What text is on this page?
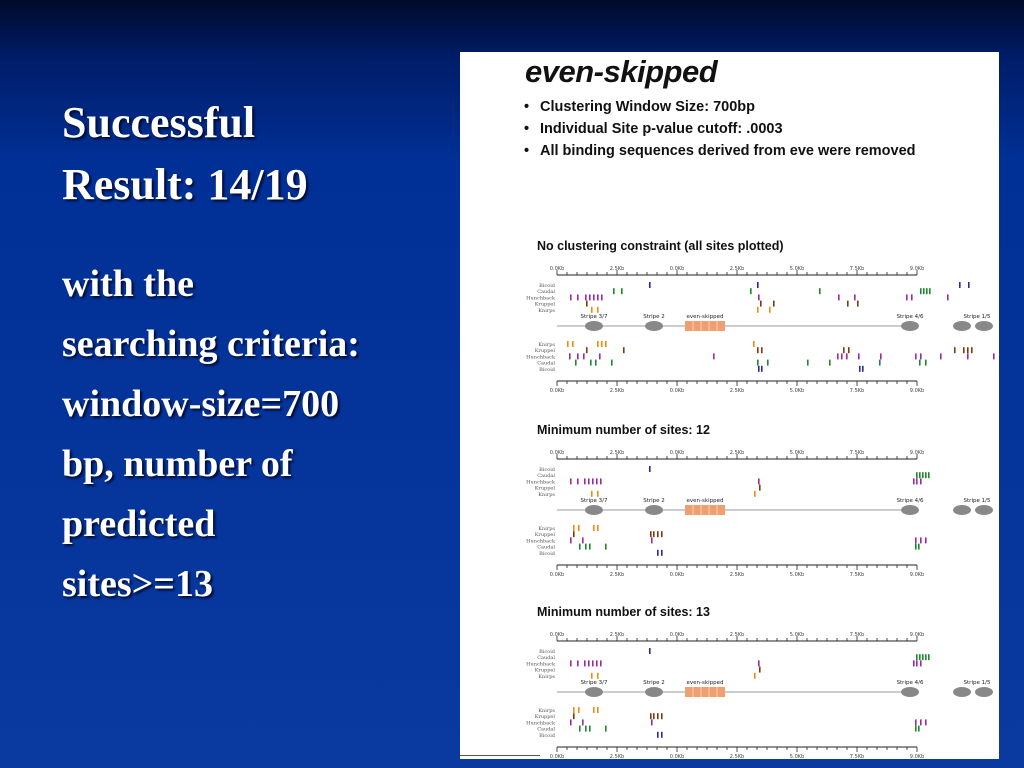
Successful

Result: 14/19

with the

searching criteria:

window-size=700

bp, number of

predicted

sites>=13

even-skipped
• Clustering Window Size: 700bp
• Individual Site p-value cutoff: .0003
• All binding sequences derived from eve were removed
No clustering constraint (all sites plotted)
0.0Kb	2.5Kb	0.0Kb	2.5Kb	5.0Kb	7.5Kb	9.0Kb
Bicoid
Caudal
Hunchback
Kruppel
Knirps
Stripe 3/7	Stripe 2	Stripe 4/6	Stripe 1/5
even-skipped
Knirps
Kruppel
Hunchback
Caudal
Bicoid
0.0Kb	2.5Kb	0.0Kb	2.5Kb	5.0Kb	7.5Kb	9.0Kb
Minimum number of sites: 12
0.0Kb	2.5Kb	0.0Kb	2.5Kb	5.0Kb	7.5Kb	9.0Kb
Bicoid
Caudal
Hunchback
Kruppel
Knirps
Stripe 3/7	Stripe 2	Stripe 4/6	Stripe 1/5
even-skipped
Knirps
Kruppel
Hunchback
Caudal
Bicoid
0.0Kb	2.5Kb	0.0Kb	2.5Kb	5.0Kb	7.5Kb	9.0Kb
Minimum number of sites: 13
0.0Kb	2.5Kb	0.0Kb	2.5Kb	5.0Kb	7.5Kb	9.0Kb
Bicoid
Caudal
Hunchback
Kruppel
Knirps
Stripe 3/7	Stripe 2	Stripe 4/6	Stripe 1/5
even-skipped
Knirps
Kruppel
Hunchback
Caudal
Bicoid
0.0Kb	2.5Kb	0.0Kb	2.5Kb	5.0Kb	7.5Kb	9.0Kb
